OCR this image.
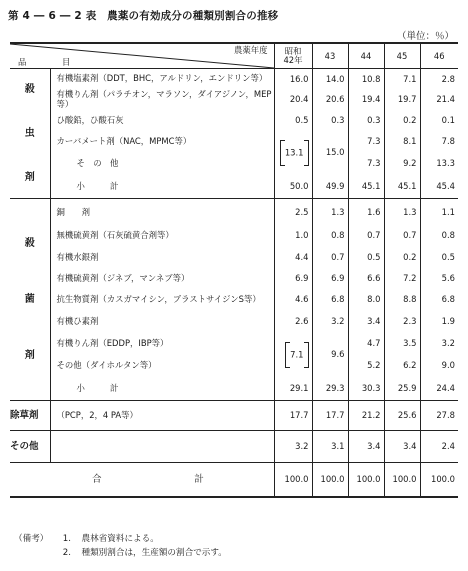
第 4 ― 6 ― 2 表　農薬の有効成分の種類別割合の推移
（単位：％）
農薬年度
品 目		昭和
42年	43	44	45	46

殺
虫
剤	有機塩素剤（DDT，BHC，アルドリン，エンドリン等）	16.0	14.0	10.8	7.1	2.8
	有機りん剤（パラチオン，マラソン，ダイアジノン，MEP等）	20.4	20.6	19.4	19.7	21.4
	ひ酸鉛，ひ酸石灰	0.5	0.3	0.3	0.2	0.1
	カーバメート剤（NAC，MPMC等）	13.1	15.0	7.3	8.1	7.8
	そ　の　他			7.3	9.2	13.3
	小　　　計	50.0	49.9	45.1	45.1	45.4

殺
菌
剤	銅　　剤	2.5	1.3	1.6	1.3	1.1
	無機硫黄剤（石灰硫黄合剤等）	1.0	0.8	0.7	0.7	0.8
	有機水銀剤	4.4	0.7	0.5	0.2	0.5
	有機硫黄剤（ジネブ，マンネブ等）	6.9	6.9	6.6	7.2	5.6
	抗生物質剤（カスガマイシン，ブラストサイジンS等）	4.6	6.8	8.0	8.8	6.8
	有機ひ素剤	2.6	3.2	3.4	2.3	1.9
	有機りん剤（EDDP，IBP等）	7.1	9.6	4.7	3.5	3.2
	その他（ダイホルタン等）			5.2	6.2	9.0
	小　　　計	29.1	29.3	30.3	25.9	24.4
除草剤	（PCP，2，4 PA等）	17.7	17.7	21.2	25.6	27.8
その他		3.2	3.1	3.4	3.4	2.4
合 計		100.0	100.0	100.0	100.0	100.0
（備考） 1. 農林省資料による。
2. 種類別割合は，生産額の割合で示す。
